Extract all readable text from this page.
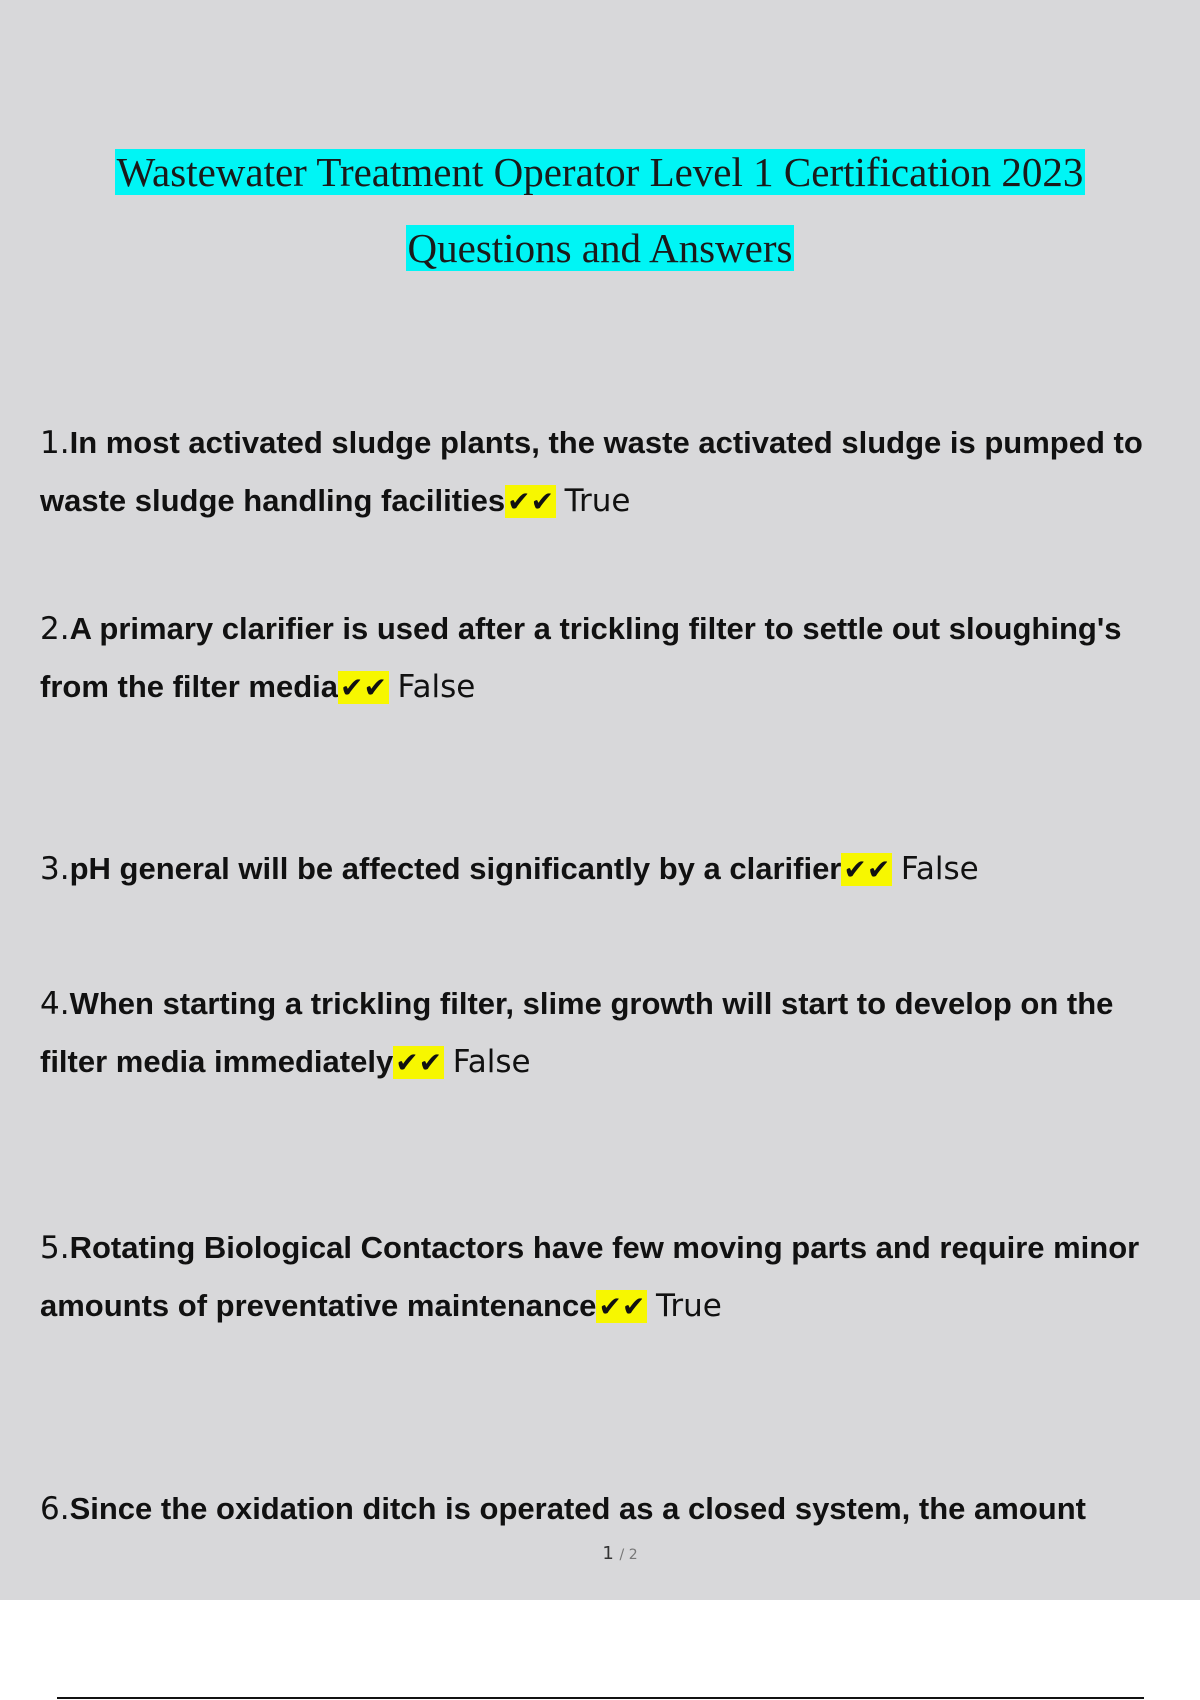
Wastewater Treatment Operator Level 1 Certification 2023
Questions and Answers
1.In most activated sludge plants, the waste activated sludge is pumped to waste sludge handling facilities✔✔ True
2.A primary clarifier is used after a trickling filter to settle out sloughing's from the filter media✔✔ False
3.pH general will be affected significantly by a clarifier✔✔ False
4.When starting a trickling filter, slime growth will start to develop on the filter media immediately✔✔ False
5.Rotating Biological Contactors have few moving parts and require minor amounts of preventative maintenance✔✔ True
6.Since the oxidation ditch is operated as a closed system, the amount
1 / 2
